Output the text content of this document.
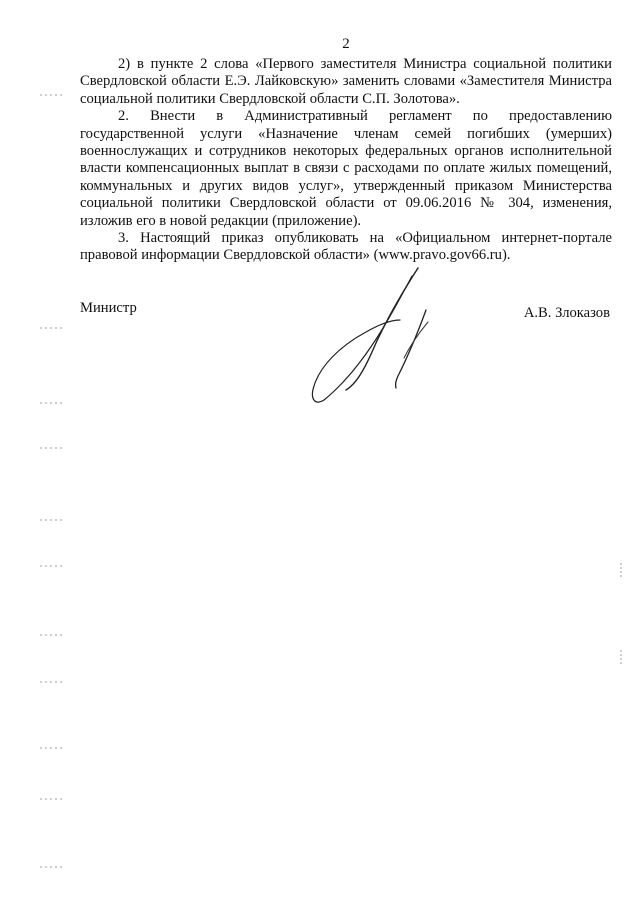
2

2) в пункте 2 слова «Первого заместителя Министра социальной политики Свердловской области Е.Э. Лайковскую» заменить словами «Заместителя Министра социальной политики Свердловской области С.П. Золотова».

2. Внести в Административный регламент по предоставлению государственной услуги «Назначение членам семей погибших (умерших) военнослужащих и сотрудников некоторых федеральных органов исполнительной власти компенсационных выплат в связи с расходами по оплате жилых помещений, коммунальных и других видов услуг», утвержденный приказом Министерства социальной политики Свердловской области от 09.06.2016 № 304, изменения, изложив его в новой редакции (приложение).

3. Настоящий приказ опубликовать на «Официальном интернет-портале правовой информации Свердловской области» (www.pravo.gov66.ru).

Министр	А.В. Злоказов
